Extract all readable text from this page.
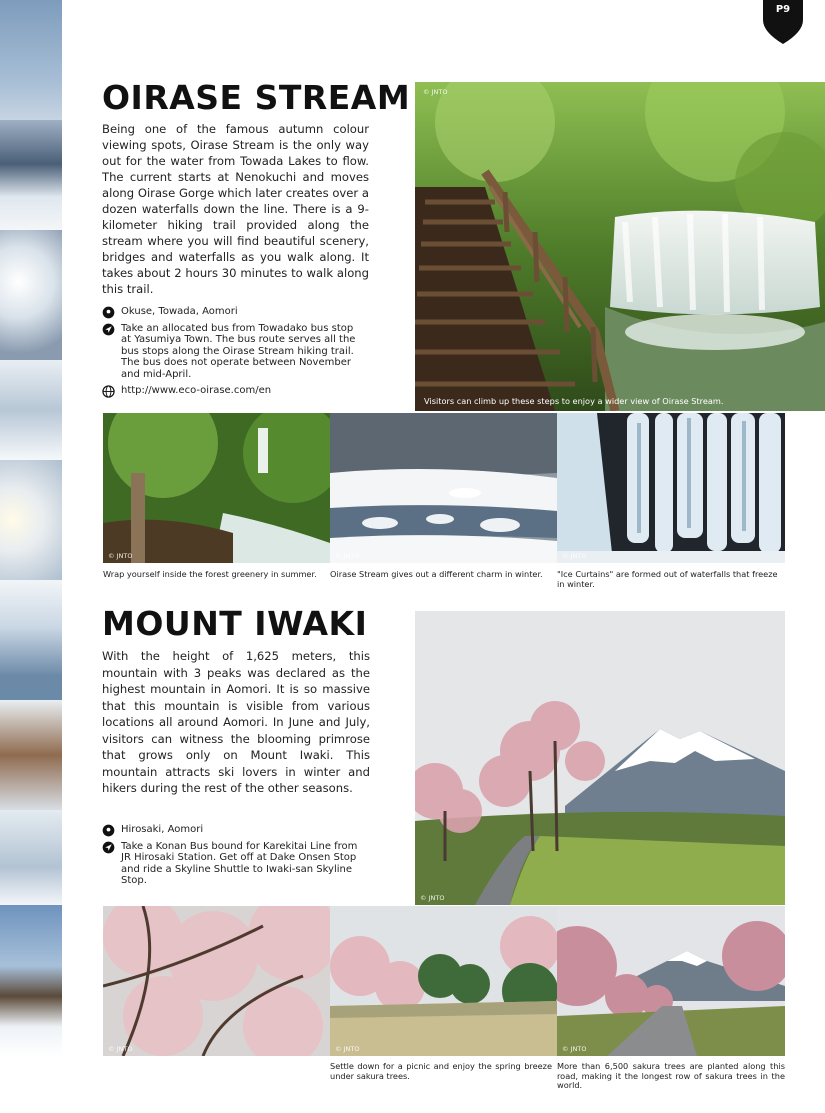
P9
OIRASE STREAM

Being one of the famous autumn colour viewing spots, Oirase Stream is the only way out for the water from Towada Lakes to flow. The current starts at Nenokuchi and moves along Oirase Gorge which later creates over a dozen waterfalls down the line. There is a 9-kilometer hiking trail provided along the stream where you will find beautiful scenery, bridges and waterfalls as you walk along. It takes about 2 hours 30 minutes to walk along this trail.

Okuse, Towada, Aomori
Take an allocated bus from Towadako bus stop at Yasumiya Town. The bus route serves all the bus stops along the Oirase Stream hiking trail. The bus does not operate between November and mid-April.
http://www.eco-oirase.com/en
© JNTO
Visitors can climb up these steps to enjoy a wider view of Oirase Stream.
© JNTO	© JNTO	© JNTO
Wrap yourself inside the forest greenery in summer.	Oirase Stream gives out a different charm in winter.	"Ice Curtains" are formed out of waterfalls that freeze in winter.
MOUNT IWAKI

With the height of 1,625 meters, this mountain with 3 peaks was declared as the highest mountain in Aomori. It is so massive that this mountain is visible from various locations all around Aomori. In June and July, visitors can witness the blooming primrose that grows only on Mount Iwaki. This mountain attracts ski lovers in winter and hikers during the rest of the other seasons.

Hirosaki, Aomori
Take a Konan Bus bound for Karekitai Line from JR Hirosaki Station. Get off at Dake Onsen Stop and ride a Skyline Shuttle to Iwaki-san Skyline Stop.
© JNTO
© JNTO	© JNTO	© JNTO
Settle down for a picnic and enjoy the spring breeze under sakura trees.
More than 6,500 sakura trees are planted along this road, making it the longest row of sakura trees in the world.
